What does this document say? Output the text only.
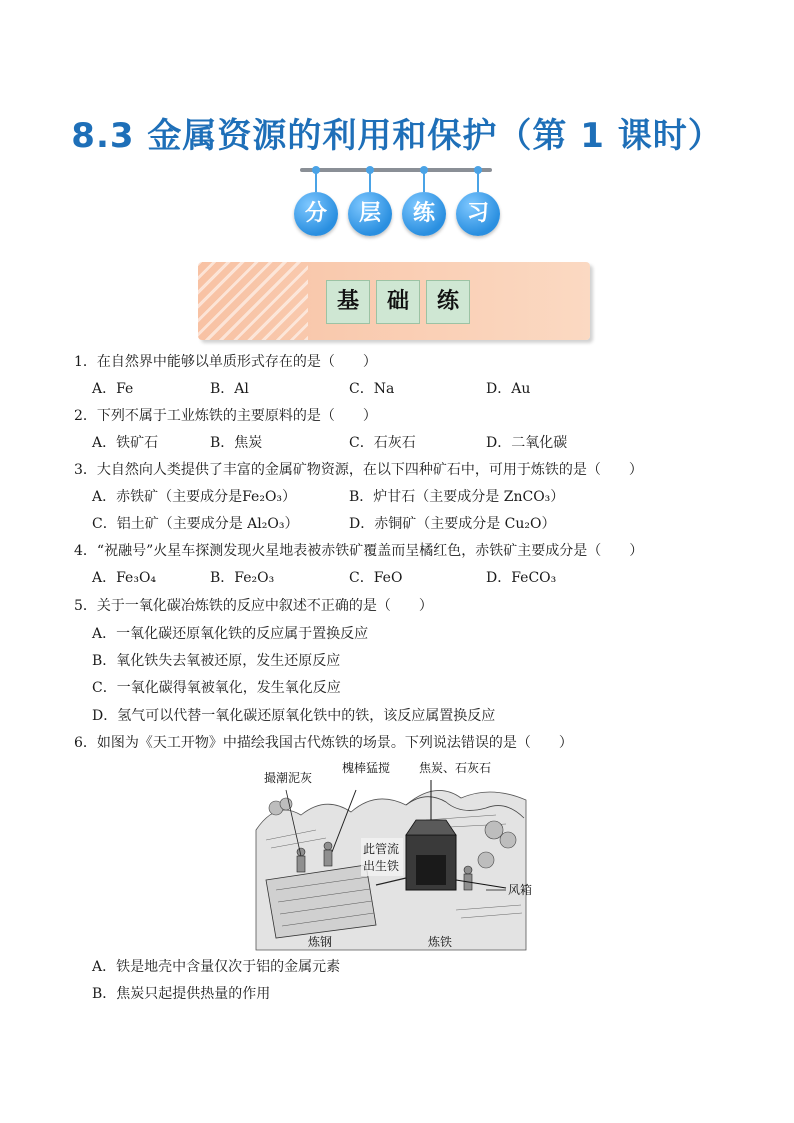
8.3 金属资源的利用和保护（第 1 课时）
分	层	练	习
基	础	练
1．在自然界中能够以单质形式存在的是（　　）
A．Fe	B．Al	C．Na	D．Au
2．下列不属于工业炼铁的主要原料的是（　　）
A．铁矿石	B．焦炭	C．石灰石	D．二氧化碳
3．大自然向人类提供了丰富的金属矿物资源，在以下四种矿石中，可用于炼铁的是（　　）
A．赤铁矿（主要成分是Fe₂O₃）	B．炉甘石（主要成分是 ZnCO₃）
C．铝土矿（主要成分是 Al₂O₃）	D．赤铜矿（主要成分是 Cu₂O）
4．“祝融号”火星车探测发现火星地表被赤铁矿覆盖而呈橘红色，赤铁矿主要成分是（　　）
A．Fe₃O₄	B．Fe₂O₃	C．FeO	D．FeCO₃
5．关于一氧化碳冶炼铁的反应中叙述不正确的是（　　）
A．一氧化碳还原氧化铁的反应属于置换反应
B．氧化铁失去氧被还原，发生还原反应
C．一氧化碳得氧被氧化，发生氧化反应
D．氢气可以代替一氧化碳还原氧化铁中的铁，该反应属置换反应
6．如图为《天工开物》中描绘我国古代炼铁的场景。下列说法错误的是（　　）
撮潮泥灰
槐棒猛搅 焦炭、石灰石
此管流
出生铁
风箱
炼钢	炼铁
A．铁是地壳中含量仅次于铝的金属元素
B．焦炭只起提供热量的作用
